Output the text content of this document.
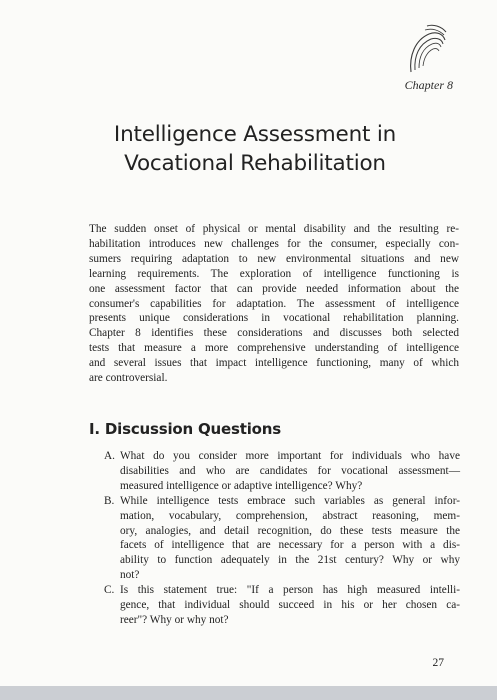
Chapter 8
Intelligence Assessment in
Vocational Rehabilitation
The sudden onset of physical or mental disability and the resulting re-
habilitation introduces new challenges for the consumer, especially con-
sumers requiring adaptation to new environmental situations and new
learning requirements. The exploration of intelligence functioning is
one assessment factor that can provide needed information about the
consumer's capabilities for adaptation. The assessment of intelligence
presents unique considerations in vocational rehabilitation planning.
Chapter 8 identifies these considerations and discusses both selected
tests that measure a more comprehensive understanding of intelligence
and several issues that impact intelligence functioning, many of which
are controversial.
I. Discussion Questions
A. What do you consider more important for individuals who have
disabilities and who are candidates for vocational assessment—
measured intelligence or adaptive intelligence? Why?
B. While intelligence tests embrace such variables as general infor-
mation, vocabulary, comprehension, abstract reasoning, mem-
ory, analogies, and detail recognition, do these tests measure the
facets of intelligence that are necessary for a person with a dis-
ability to function adequately in the 21st century? Why or why
not?
C. Is this statement true: "If a person has high measured intelli-
gence, that individual should succeed in his or her chosen ca-
reer"? Why or why not?
27
